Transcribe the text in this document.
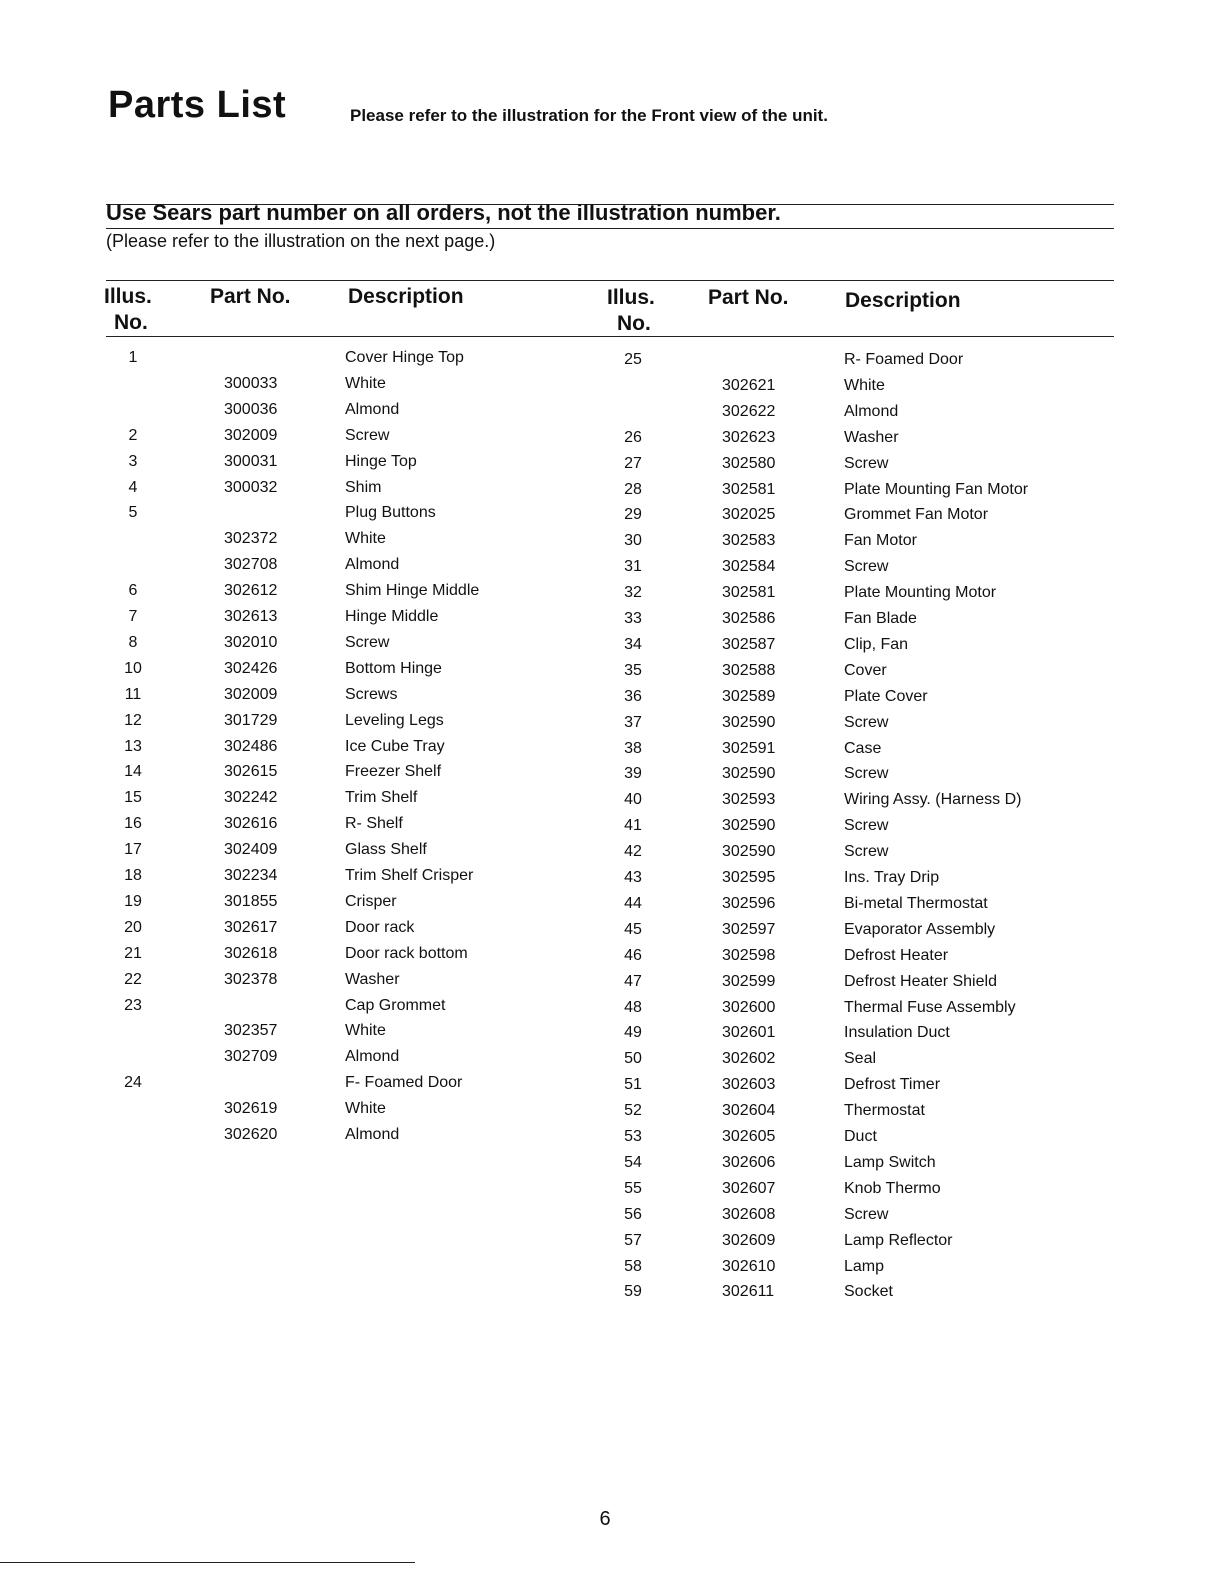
Parts List	Please refer to the illustration for the Front view of the unit.
Use Sears part number on all orders, not the illustration number.
(Please refer to the illustration on the next page.)
Illus.
No.
Part No.	Description	Illus.
No.
Part No.	Description
1	Cover Hinge Top
300033	White
300036	Almond
2	302009	Screw
3	300031	Hinge Top
4	300032	Shim
5	Plug Buttons
302372	White
302708	Almond
6	302612	Shim Hinge Middle
7	302613	Hinge Middle
8	302010	Screw
10	302426	Bottom Hinge
11	302009	Screws
12	301729	Leveling Legs
13	302486	Ice Cube Tray
14	302615	Freezer Shelf
15	302242	Trim Shelf
16	302616	R- Shelf
17	302409	Glass Shelf
18	302234	Trim Shelf Crisper
19	301855	Crisper
20	302617	Door rack
21	302618	Door rack bottom
22	302378	Washer
23	Cap Grommet
302357	White
302709	Almond
24	F- Foamed Door
302619	White
302620	Almond
25	R- Foamed Door
302621	White
302622	Almond
26	302623	Washer
27	302580	Screw
28	302581	Plate Mounting Fan Motor
29	302025	Grommet Fan Motor
30	302583	Fan Motor
31	302584	Screw
32	302581	Plate Mounting Motor
33	302586	Fan Blade
34	302587	Clip, Fan
35	302588	Cover
36	302589	Plate Cover
37	302590	Screw
38	302591	Case
39	302590	Screw
40	302593	Wiring Assy. (Harness D)
41	302590	Screw
42	302590	Screw
43	302595	Ins. Tray Drip
44	302596	Bi-metal Thermostat
45	302597	Evaporator Assembly
46	302598	Defrost Heater
47	302599	Defrost Heater Shield
48	302600	Thermal Fuse Assembly
49	302601	Insulation Duct
50	302602	Seal
51	302603	Defrost Timer
52	302604	Thermostat
53	302605	Duct
54	302606	Lamp Switch
55	302607	Knob Thermo
56	302608	Screw
57	302609	Lamp Reflector
58	302610	Lamp
59	302611	Socket
6
